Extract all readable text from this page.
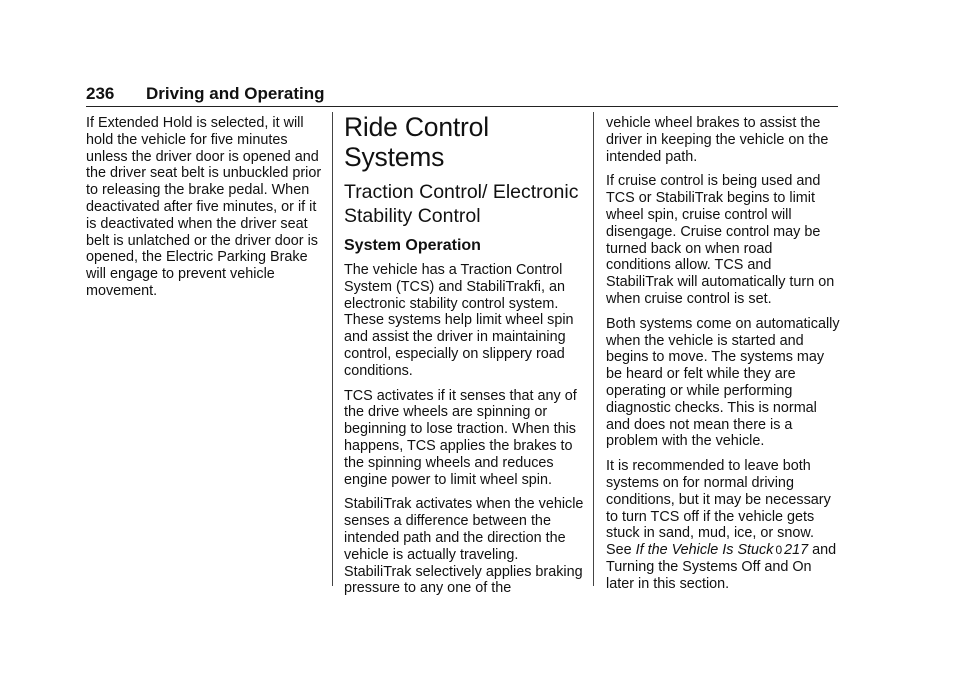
236 Driving and Operating

If Extended Hold is selected, it will hold the vehicle for five minutes unless the driver door is opened and the driver seat belt is unbuckled prior to releasing the brake pedal. When deactivated after five minutes, or if it is deactivated when the driver seat belt is unlatched or the driver door is opened, the Electric Parking Brake will engage to prevent vehicle movement.

Ride Control Systems
Traction Control/ Electronic Stability Control
System Operation

The vehicle has a Traction Control System (TCS) and StabiliTrakfi, an electronic stability control system. These systems help limit wheel spin and assist the driver in maintaining control, especially on slippery road conditions.

TCS activates if it senses that any of the drive wheels are spinning or beginning to lose traction. When this happens, TCS applies the brakes to the spinning wheels and reduces engine power to limit wheel spin.

StabiliTrak activates when the vehicle senses a difference between the intended path and the direction the vehicle is actually traveling. StabiliTrak selectively applies braking pressure to any one of the

vehicle wheel brakes to assist the driver in keeping the vehicle on the intended path.

If cruise control is being used and TCS or StabiliTrak begins to limit wheel spin, cruise control will disengage. Cruise control may be turned back on when road conditions allow. TCS and StabiliTrak will automatically turn on when cruise control is set.

Both systems come on automatically when the vehicle is started and begins to move. The systems may be heard or felt while they are operating or while performing diagnostic checks. This is normal and does not mean there is a problem with the vehicle.

It is recommended to leave both systems on for normal driving conditions, but it may be necessary to turn TCS off if the vehicle gets stuck in sand, mud, ice, or snow. See If the Vehicle Is Stuck 0 217 and Turning the Systems Off and On later in this section.
